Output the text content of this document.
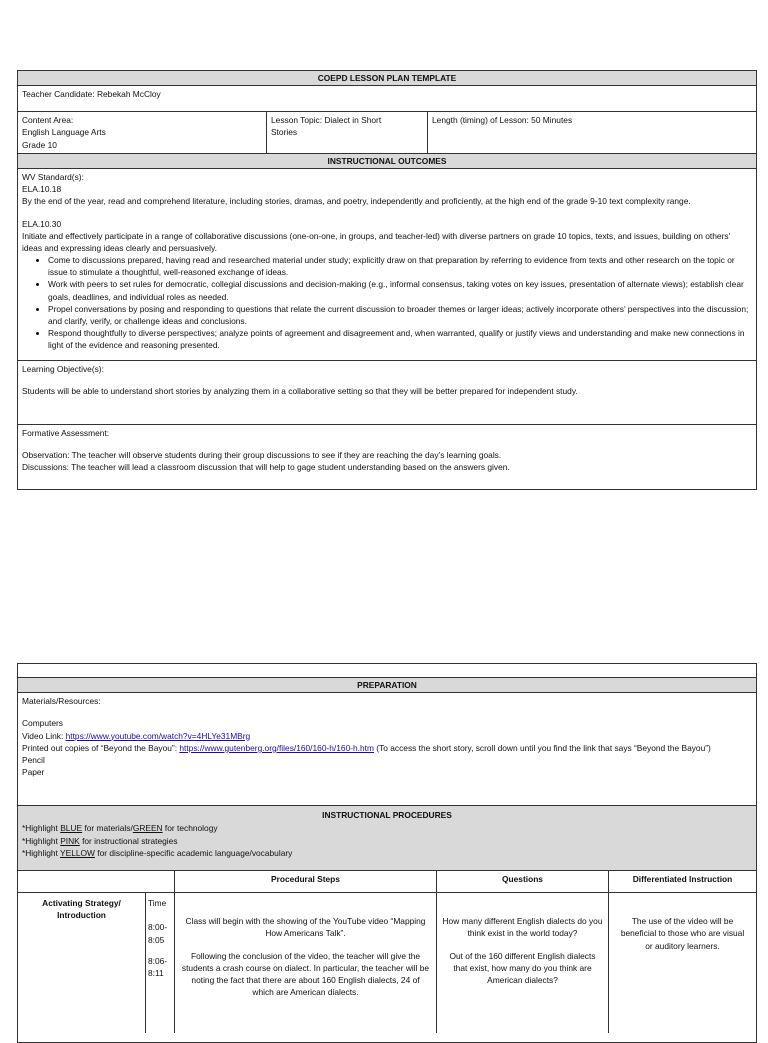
COEPD LESSON PLAN TEMPLATE
Teacher Candidate: Rebekah McCloy
Content Area:
English Language Arts
Grade 10
Lesson Topic: Dialect in Short
Stories
Length (timing) of Lesson: 50 Minutes
INSTRUCTIONAL OUTCOMES
WV Standard(s):
ELA.10.18
By the end of the year, read and comprehend literature, including stories, dramas, and poetry, independently and proficiently, at the high end of the grade 9-10 text complexity range.
ELA.10.30
Initiate and effectively participate in a range of collaborative discussions (one-on-one, in groups, and teacher-led) with diverse partners on grade 10 topics, texts, and issues, building on others’ ideas and expressing ideas clearly and persuasively.
• Come to discussions prepared, having read and researched material under study; explicitly draw on that preparation by referring to evidence from texts and other research on the topic or issue to stimulate a thoughtful, well-reasoned exchange of ideas.
• Work with peers to set rules for democratic, collegial discussions and decision-making (e.g., informal consensus, taking votes on key issues, presentation of alternate views); establish clear goals, deadlines, and individual roles as needed.
• Propel conversations by posing and responding to questions that relate the current discussion to broader themes or larger ideas; actively incorporate others’ perspectives into the discussion; and clarify, verify, or challenge ideas and conclusions.
• Respond thoughtfully to diverse perspectives; analyze points of agreement and disagreement and, when warranted, qualify or justify views and understanding and make new connections in light of the evidence and reasoning presented.
Learning Objective(s):
Students will be able to understand short stories by analyzing them in a collaborative setting so that they will be better prepared for independent study.
Formative Assessment:
Observation: The teacher will observe students during their group discussions to see if they are reaching the day’s learning goals.
Discussions: The teacher will lead a classroom discussion that will help to gage student understanding based on the answers given.
PREPARATION
Materials/Resources:
Computers
Video Link: https://www.youtube.com/watch?v=4HLYe31MBrg
Printed out copies of “Beyond the Bayou”: https://www.gutenberg.org/files/160/160-h/160-h.htm (To access the short story, scroll down until you find the link that says “Beyond the Bayou”)
Pencil
Paper
INSTRUCTIONAL PROCEDURES
*Highlight BLUE for materials/GREEN for technology
*Highlight PINK for instructional strategies
*Highlight YELLOW for discipline-specific academic language/vocabulary
Procedural Steps	Questions	Differentiated Instruction
Activating Strategy/ Introduction
Time
8:00-8:05
8:06-8:11
Class will begin with the showing of the YouTube video “Mapping How Americans Talk”.
Following the conclusion of the video, the teacher will give the students a crash course on dialect. In particular, the teacher will be noting the fact that there are about 160 English dialects, 24 of which are American dialects.
How many different English dialects do you think exist in the world today?
Out of the 160 different English dialects that exist, how many do you think are American dialects?
The use of the video will be beneficial to those who are visual or auditory learners.
